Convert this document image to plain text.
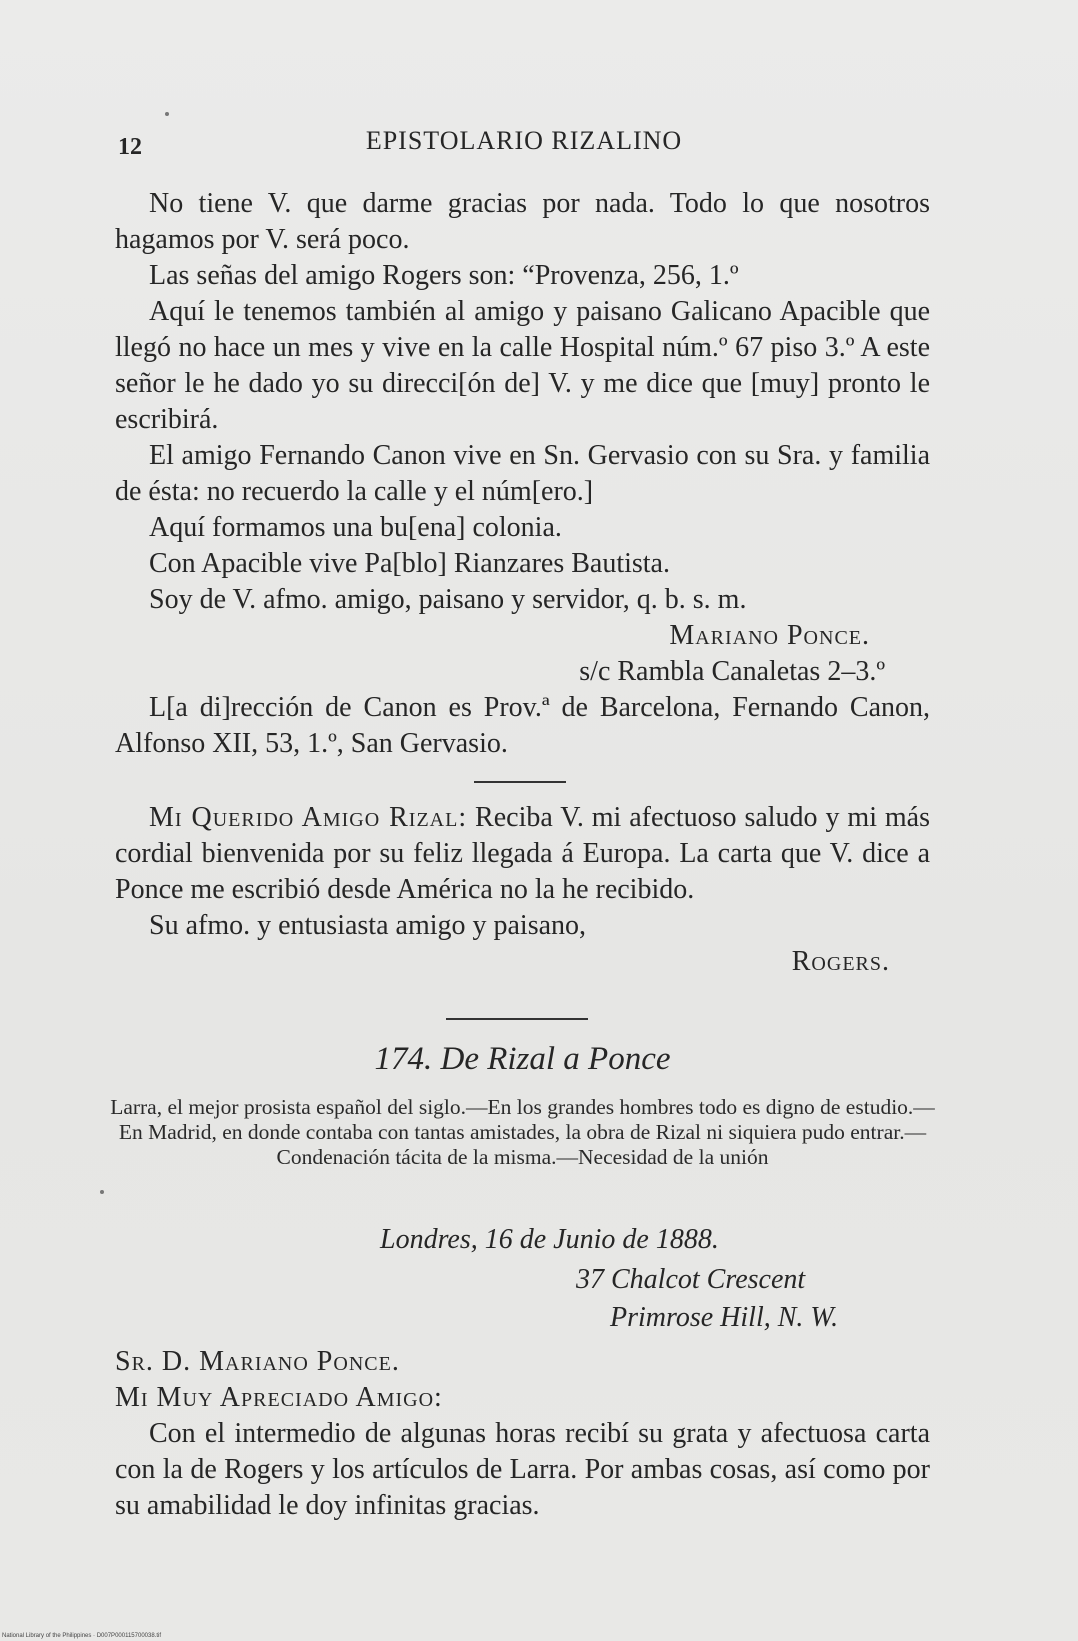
12	EPISTOLARIO RIZALINO

No tiene V. que darme gracias por nada. Todo lo que nosotros hagamos por V. será poco.

Las señas del amigo Rogers son: “Provenza, 256, 1.º

Aquí le tenemos también al amigo y paisano Galicano Apacible que llegó no hace un mes y vive en la calle Hospital núm.º 67 piso 3.º A este señor le he dado yo su direcci[ón de] V. y me dice que [muy] pronto le escribirá.

El amigo Fernando Canon vive en Sn. Gervasio con su Sra. y familia de ésta: no recuerdo la calle y el núm[ero.]

Aquí formamos una bu[ena] colonia.

Con Apacible vive Pa[blo] Rianzares Bautista.

Soy de V. afmo. amigo, paisano y servidor, q. b. s. m.

Mariano Ponce.

s/c Rambla Canaletas 2–3.º

L[a di]rección de Canon es Prov.ª de Barcelona, Fernando Canon, Alfonso XII, 53, 1.º, San Gervasio.

Mi Querido Amigo Rizal: Reciba V. mi afectuoso saludo y mi más cordial bienvenida por su feliz llegada á Europa. La carta que V. dice a Ponce me escribió desde América no la he recibido.

Su afmo. y entusiasta amigo y paisano,

Rogers.

174. De Rizal a Ponce
Larra, el mejor prosista español del siglo.—En los grandes hombres todo es digno de estudio.—En Madrid, en donde contaba con tantas amistades, la obra de Rizal ni siquiera pudo entrar.—Condenación tácita de la misma.—Necesidad de la unión
Londres, 16 de Junio de 1888.
37 Chalcot Crescent
Primrose Hill, N. W.

Sr. D. Mariano Ponce.

Mi Muy Apreciado Amigo:

Con el intermedio de algunas horas recibí su grata y afectuosa carta con la de Rogers y los artículos de Larra. Por ambas cosas, así como por su amabilidad le doy infinitas gracias.

National Library of the Philippines · D007P000115700038.tif
